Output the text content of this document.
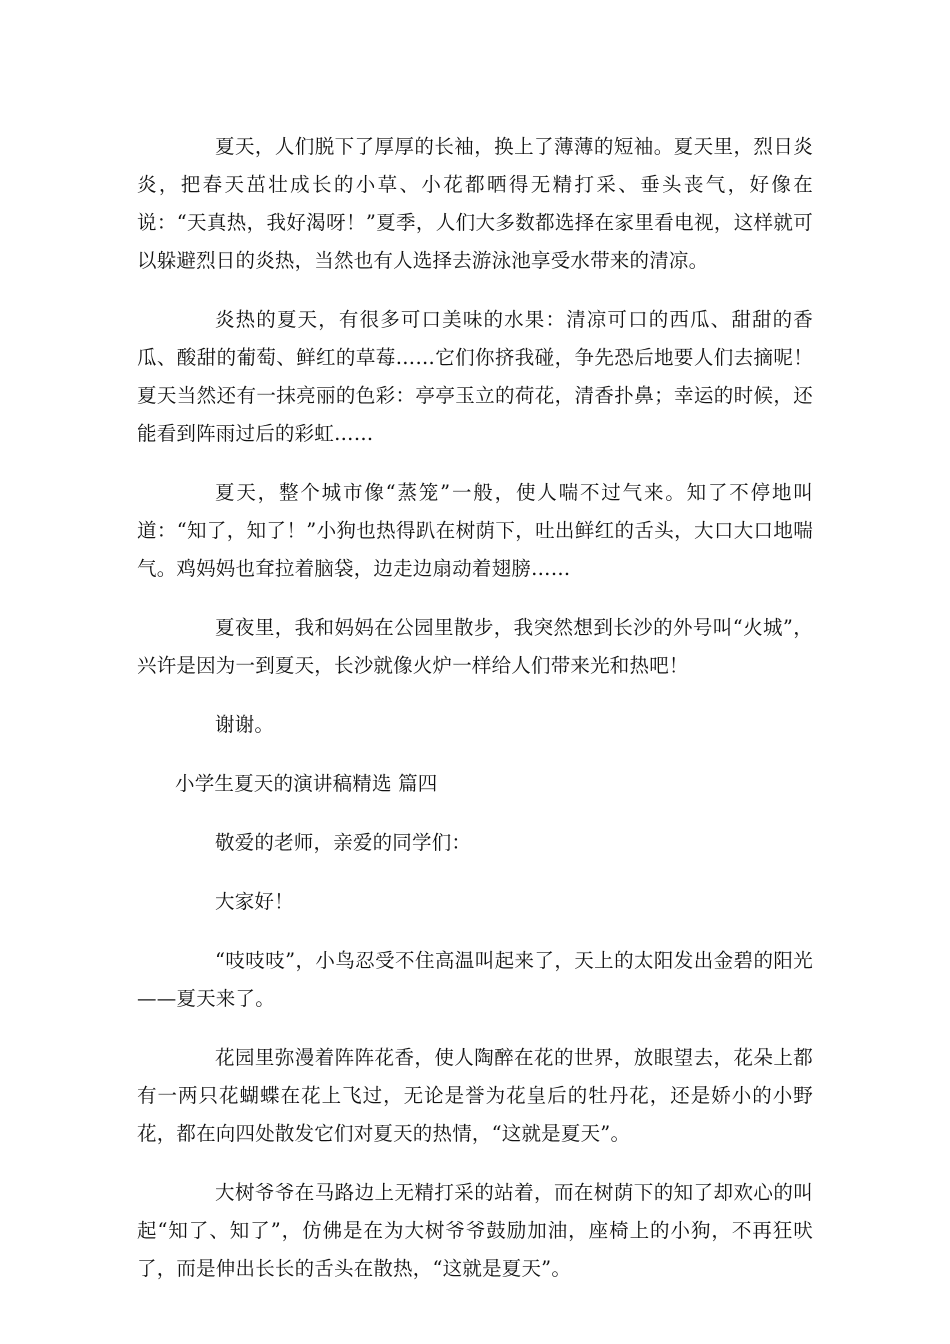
夏天，人们脱下了厚厚的长袖，换上了薄薄的短袖。夏天里，烈日炎炎，把春天茁壮成长的小草、小花都晒得无精打采、垂头丧气，好像在说：“天真热，我好渴呀！”夏季，人们大多数都选择在家里看电视，这样就可以躲避烈日的炎热，当然也有人选择去游泳池享受水带来的清凉。

炎热的夏天，有很多可口美味的水果：清凉可口的西瓜、甜甜的香瓜、酸甜的葡萄、鲜红的草莓……它们你挤我碰，争先恐后地要人们去摘呢！夏天当然还有一抹亮丽的色彩：亭亭玉立的荷花，清香扑鼻；幸运的时候，还能看到阵雨过后的彩虹……

夏天，整个城市像“蒸笼”一般，使人喘不过气来。知了不停地叫道：“知了，知了！”小狗也热得趴在树荫下，吐出鲜红的舌头，大口大口地喘气。鸡妈妈也耷拉着脑袋，边走边扇动着翅膀……

夏夜里，我和妈妈在公园里散步，我突然想到长沙的外号叫“火城”，兴许是因为一到夏天，长沙就像火炉一样给人们带来光和热吧！

谢谢。

小学生夏天的演讲稿精选 篇四

敬爱的老师，亲爱的同学们：

大家好！

“吱吱吱”，小鸟忍受不住高温叫起来了，天上的太阳发出金碧的阳光——夏天来了。

花园里弥漫着阵阵花香，使人陶醉在花的世界，放眼望去，花朵上都有一两只花蝴蝶在花上飞过，无论是誉为花皇后的牡丹花，还是娇小的小野花，都在向四处散发它们对夏天的热情，“这就是夏天”。

大树爷爷在马路边上无精打采的站着，而在树荫下的知了却欢心的叫起“知了、知了”，仿佛是在为大树爷爷鼓励加油，座椅上的小狗，不再狂吠了，而是伸出长长的舌头在散热，“这就是夏天”。
